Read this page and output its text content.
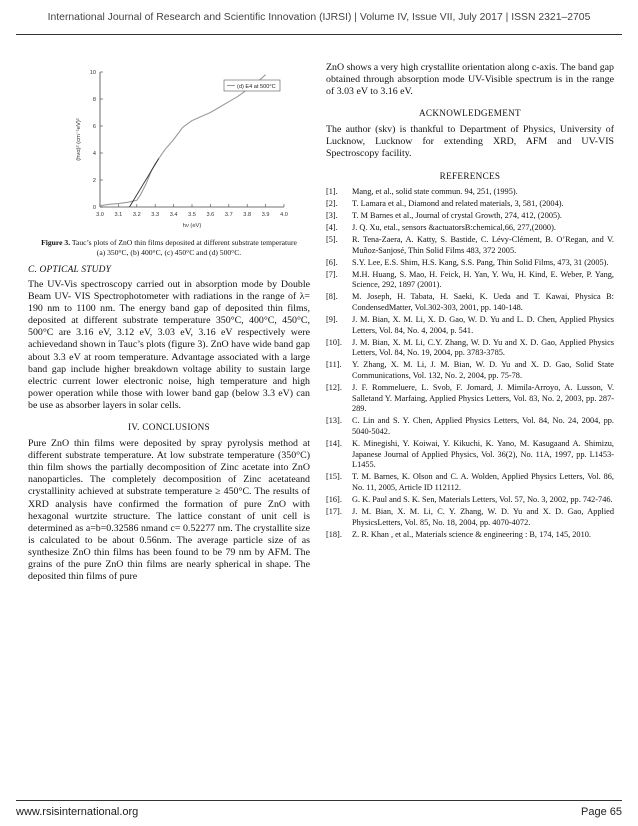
International Journal of Research and Scientific Innovation (IJRSI) | Volume IV, Issue VII, July 2017 | ISSN 2321–2705
3.0 3.1 3.2 3.3 3.4 3.5 3.6 3.7 3.8 3.9 4.0
0
2
4
6
8
10
hν (eV)
(hνα)² (cm⁻¹eV)²
(d) E4 at 500°C
Figure 3. Tauc’s plots of ZnO thin films deposited at different substrate temperature (a) 350°C, (b) 400°C, (c) 450°C and (d) 500°C.
C. OPTICAL STUDY

The UV-Vis spectroscopy carried out in absorption mode by Double Beam UV- VIS Spectrophotometer with radiations in the range of λ= 190 nm to 1100 nm. The energy band gap of deposited thin films, deposited at different substrate temperature 350°C, 400°C, 450°C, 500°C are 3.16 eV, 3.12 eV, 3.03 eV, 3.16 eV respectively were achievedand shown in Tauc’s plots (figure 3). ZnO have wide band gap about 3.3 eV at room temperature. Advantage associated with a large band gap include higher breakdown voltage ability to sustain large electric current lower electronic noise, high temperature and high power operation while those with lower band gap (below 3.3 eV) can be use as absorber layers in solar cells.

IV. CONCLUSIONS

Pure ZnO thin films were deposited by spray pyrolysis method at different substrate temperature. At low substrate temperature (350°C) thin film shows the partially decomposition of Zinc acetate into ZnO nanoparticles. The completely decomposition of Zinc acetateand crystallinity achieved at substrate temperature ≥ 450°C. The results of XRD analysis have confirmed the formation of pure ZnO with hexagonal wurtzite structure. The lattice constant of unit cell is determined as a=b=0.32586 nmand c= 0.52277 nm. The crystallite size is calculated to be about 0.56nm. The average particle size of as synthesize ZnO thin films has been found to be 79 nm by AFM. The grains of the pure ZnO thin films are nearly spherical in shape. The deposited thin films of pure

ZnO shows a very high crystallite orientation along c-axis. The band gap obtained through absorption mode UV-Visible spectrum is in the range of 3.03 eV to 3.16 eV.

ACKNOWLEDGEMENT

The author (skv) is thankful to Department of Physics, University of Lucknow, Lucknow for extending XRD, AFM and UV-VIS Spectroscopy facility.

REFERENCES
[1].	Mang, et al., solid state commun. 94, 251, (1995).
[2].	T. Lamara et al., Diamond and related materials, 3, 581, (2004).
[3].	T. M Barnes et al., Journal of crystal Growth, 274, 412, (2005).
[4].	J. Q. Xu, etal., sensors &actuatorsB:chemical,66, 277,(2000).
[5].	R. Tena-Zaera, A. Katty, S. Bastide, C. Lévy-Clément, B. O’Regan, and V. Muñoz-Sanjosé, Thin Solid Films 483, 372 2005.
[6].	S.Y. Lee, E.S. Shim, H.S. Kang, S.S. Pang, Thin Solid Films, 473, 31 (2005).
[7].	M.H. Huang, S. Mao, H. Feick, H. Yan, Y. Wu, H. Kind, E. Weber, P. Yang, Science, 292, 1897 (2001).
[8].	M. Joseph, H. Tabata, H. Saeki, K. Ueda and T. Kawai, Physica B: CondensedMatter, Vol.302-303, 2001, pp. 140-148.
[9].	J. M. Bian, X. M. Li, X. D. Gao, W. D. Yu and L. D. Chen, Applied Physics Letters, Vol. 84, No. 4, 2004, p. 541.
[10].	J. M. Bian, X. M. Li, C.Y. Zhang, W. D. Yu and X. D. Gao, Applied Physics Letters, Vol. 84, No. 19, 2004, pp. 3783-3785.
[11].	Y. Zhang, X. M. Li, J. M. Bian, W. D. Yu and X. D. Gao, Solid State Communications, Vol. 132, No. 2, 2004, pp. 75-78.
[12].	J. F. Rommeluere, L. Svob, F. Jomard, J. Mimila-Arroyo, A. Lusson, V. Salletand Y. Marfaing, Applied Physics Letters, Vol. 83, No. 2, 2003, pp. 287-289.
[13].	C. Lin and S. Y. Chen, Applied Physics Letters, Vol. 84, No. 24, 2004, pp. 5040-5042.
[14].	K. Minegishi, Y. Koiwai, Y. Kikuchi, K. Yano, M. Kasugaand A. Shimizu, Japanese Journal of Applied Physics, Vol. 36(2), No. 11A, 1997, pp. L1453-L1455.
[15].	T. M. Barnes, K. Olson and C. A. Wolden, Applied Physics Letters, Vol. 86, No. 11, 2005, Article ID 112112.
[16].	G. K. Paul and S. K. Sen, Materials Letters, Vol. 57, No. 3, 2002, pp. 742-746.
[17].	J. M. Bian, X. M. Li, C. Y. Zhang, W. D. Yu and X. D. Gao, Applied PhysicsLetters, Vol. 85, No. 18, 2004, pp. 4070-4072.
[18].	Z. R. Khan , et al., Materials science & engineering : B, 174, 145, 2010.
www.rsisinternational.org	Page 65
